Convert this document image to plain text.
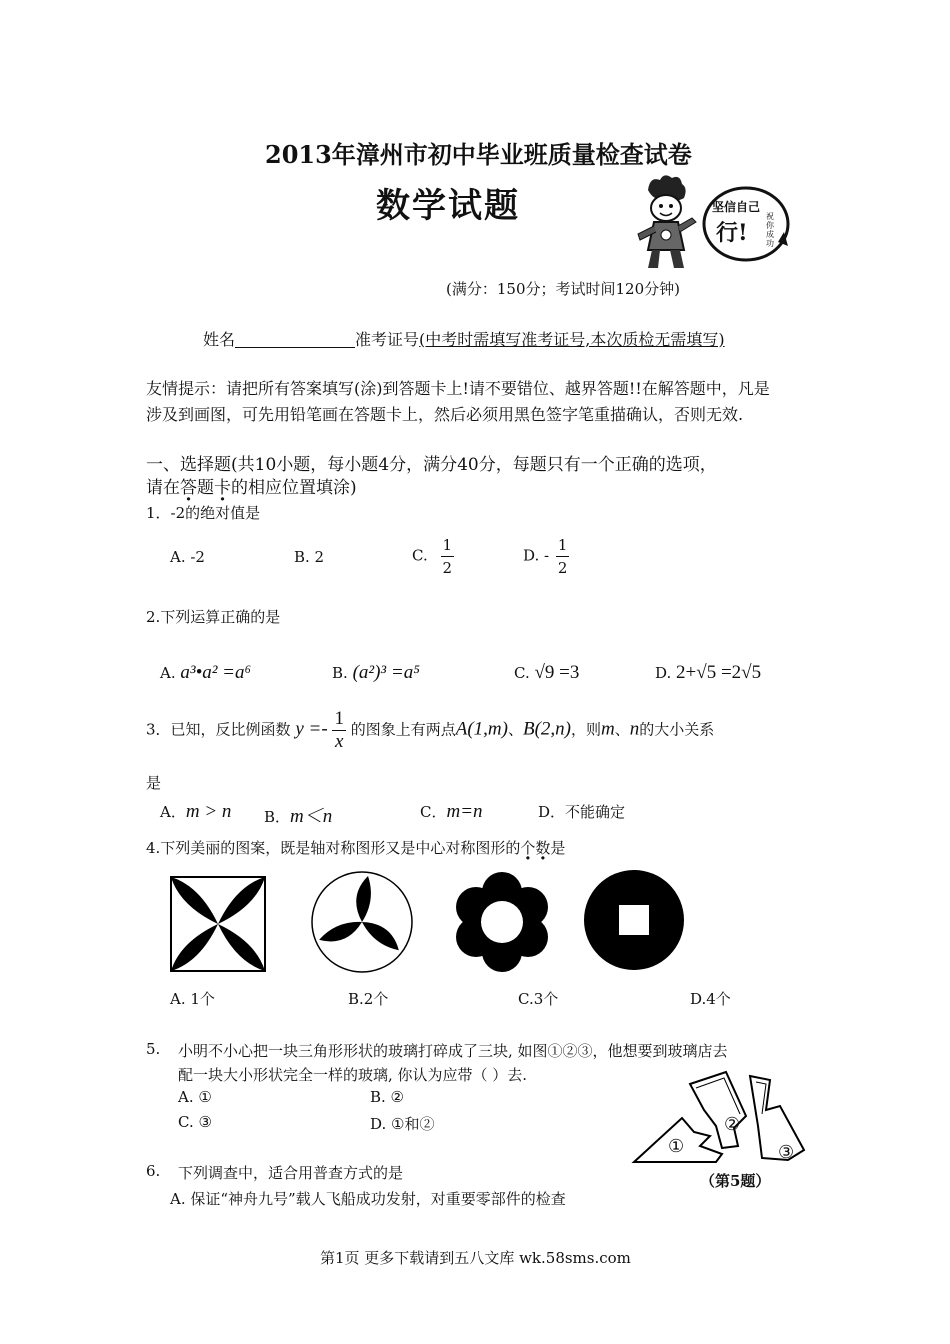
2013年漳州市初中毕业班质量检查试卷
数学试题	坚信自己
行!
祝你成功
(满分：150分；考试时间120分钟)
姓名	准考证号(中考时需填写准考证号,本次质检无需填写)
友情提示：请把所有答案填写(涂)到答题卡上!请不要错位、越界答题!!在解答题中，凡是
涉及到画图，可先用铅笔画在答题卡上，然后必须用黑色签字笔重描确认，否则无效.
一、选择题(共10小题，每小题4分，满分40分，每题只有一个正确的选项，
请在答题卡的相应位置填涂)
1．-2的绝对值是
A. -2	B. 2	C. $\frac{1}{2}$	D. - $\frac{1}{2}$
2.下列运算正确的是
A. a³•a² =a⁶	B. (a²)³ =a⁵	C. √9 =3	D. 2+√5 =2√5
3．已知，反比例函数 $y =- \frac{1}{x}$ 的图象上有两点A(1,m)、B(2,n)，则m、n的大小关系
是
A．m > n B．m＜n	C．m=n	D．不能确定
4.下列美丽的图案，既是轴对称图形又是中心对称图形的个数是
A. 1个	B.2个	C.3个	D.4个
5. 小明不小心把一块三角形形状的玻璃打碎成了三块, 如图①②③，他想要到玻璃店去
配一块大小形状完全一样的玻璃, 你认为应带（ ）去.
A. ①	B. ②
C. ③	D. ①和②
①
②
③
（第5题）
6. 下列调查中，适合用普查方式的是
A. 保证“神舟九号”载人飞船成功发射，对重要零部件的检查
第1页 更多下载请到五八文库 wk.58sms.com
